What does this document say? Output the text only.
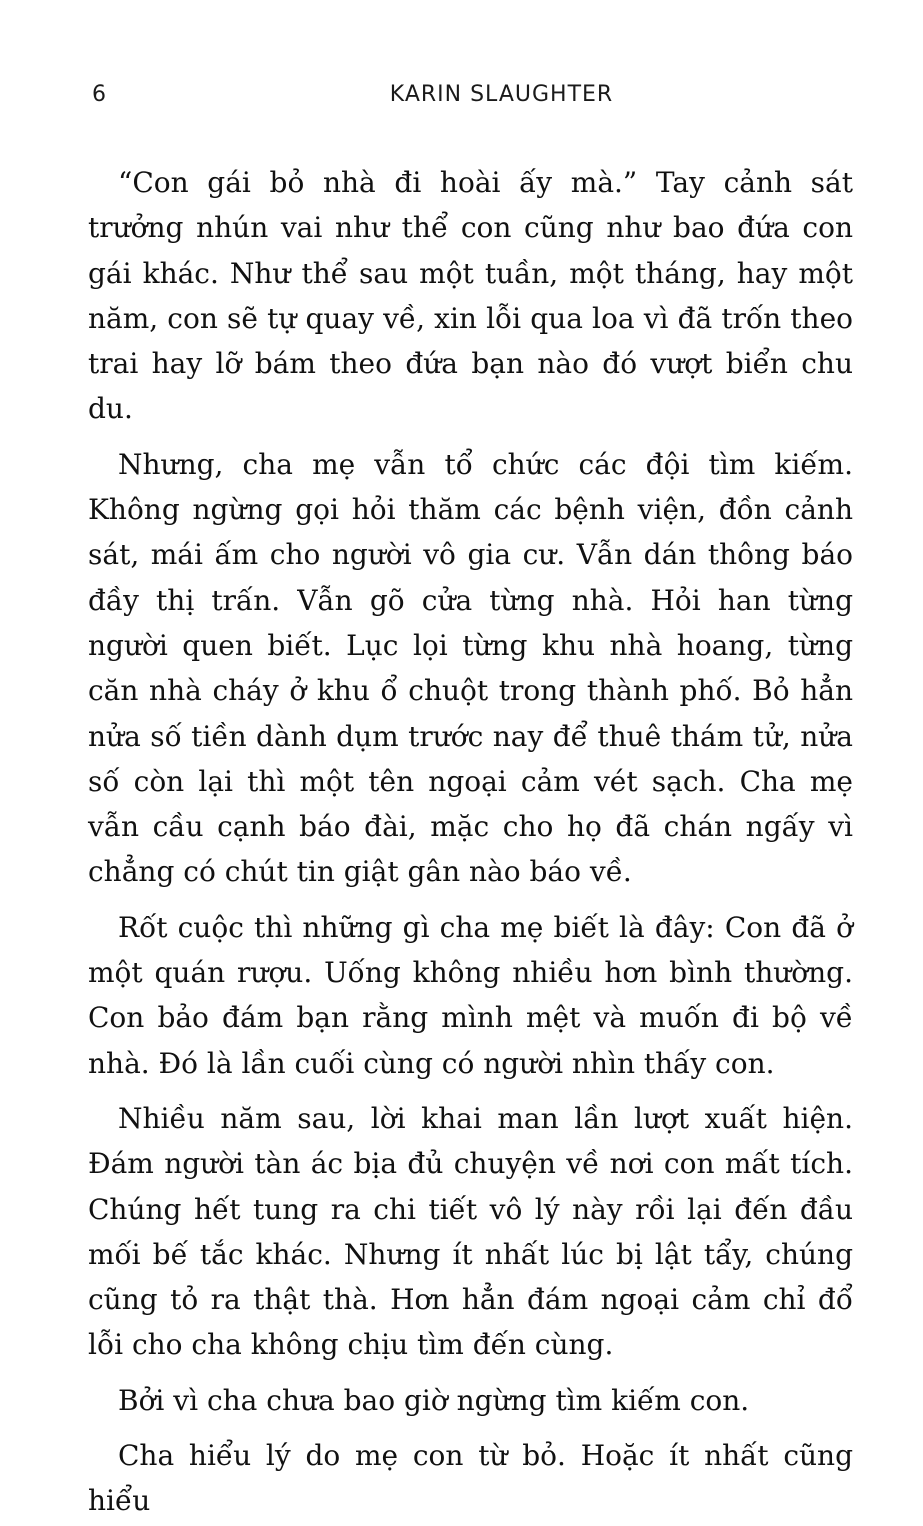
6	KARIN SLAUGHTER

“Con gái bỏ nhà đi hoài ấy mà.” Tay cảnh sát trưởng nhún vai như thể con cũng như bao đứa con gái khác. Như thể sau một tuần, một tháng, hay một năm, con sẽ tự quay về, xin lỗi qua loa vì đã trốn theo trai hay lỡ bám theo đứa bạn nào đó vượt biển chu du.

Nhưng, cha mẹ vẫn tổ chức các đội tìm kiếm. Không ngừng gọi hỏi thăm các bệnh viện, đồn cảnh sát, mái ấm cho người vô gia cư. Vẫn dán thông báo đầy thị trấn. Vẫn gõ cửa từng nhà. Hỏi han từng người quen biết. Lục lọi từng khu nhà hoang, từng căn nhà cháy ở khu ổ chuột trong thành phố. Bỏ hẳn nửa số tiền dành dụm trước nay để thuê thám tử, nửa số còn lại thì một tên ngoại cảm vét sạch. Cha mẹ vẫn cầu cạnh báo đài, mặc cho họ đã chán ngấy vì chẳng có chút tin giật gân nào báo về.

Rốt cuộc thì những gì cha mẹ biết là đây: Con đã ở một quán rượu. Uống không nhiều hơn bình thường. Con bảo đám bạn rằng mình mệt và muốn đi bộ về nhà. Đó là lần cuối cùng có người nhìn thấy con.

Nhiều năm sau, lời khai man lần lượt xuất hiện. Đám người tàn ác bịa đủ chuyện về nơi con mất tích. Chúng hết tung ra chi tiết vô lý này rồi lại đến đầu mối bế tắc khác. Nhưng ít nhất lúc bị lật tẩy, chúng cũng tỏ ra thật thà. Hơn hẳn đám ngoại cảm chỉ đổ lỗi cho cha không chịu tìm đến cùng.

Bởi vì cha chưa bao giờ ngừng tìm kiếm con.

Cha hiểu lý do mẹ con từ bỏ. Hoặc ít nhất cũng hiểu
